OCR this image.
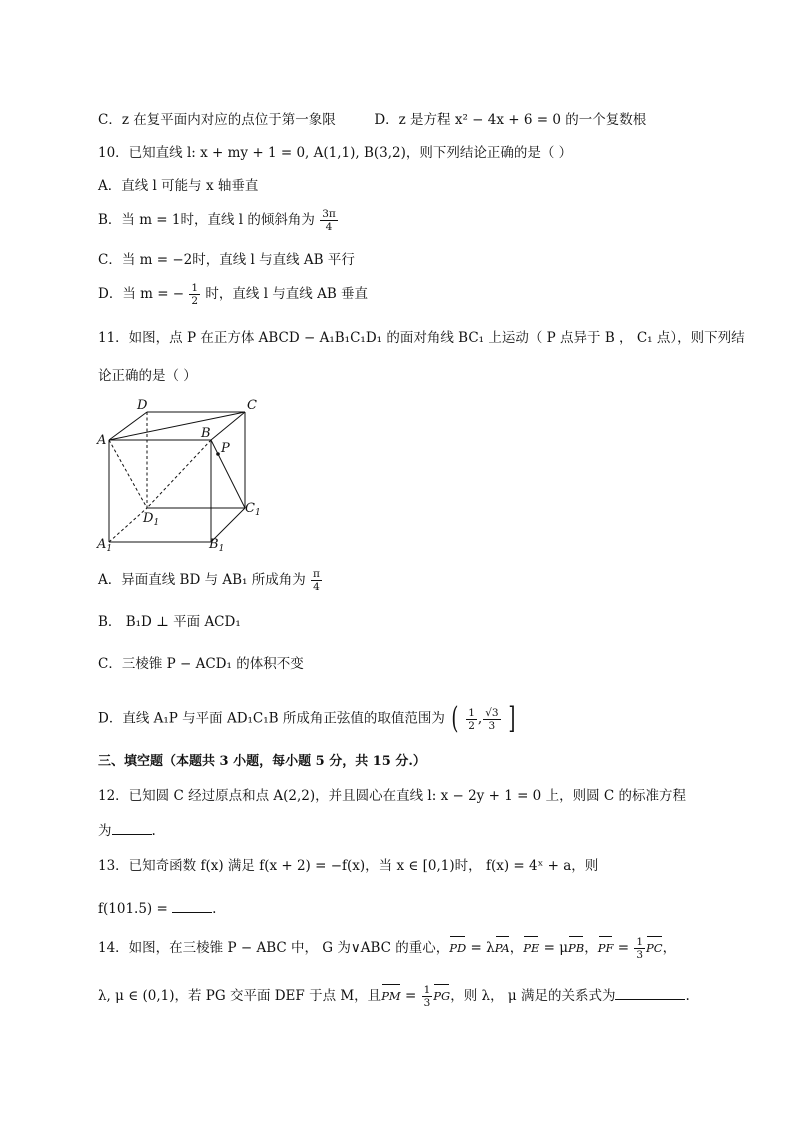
C．z 在复平面内对应的点位于第一象限	D．z 是方程 x² − 4x + 6 = 0 的一个复数根
10．已知直线 l: x + my + 1 = 0, A(1,1), B(3,2)，则下列结论正确的是（ ）
A．直线 l 可能与 x 轴垂直
B．当 m = 1时，直线 l 的倾斜角为 $\frac{3\pi}{4}$
C．当 m = −2时，直线 l 与直线 AB 平行
D．当 m = − $\frac{1}{2}$ 时，直线 l 与直线 AB 垂直
11．如图，点 P 在正方体 ABCD − A₁B₁C₁D₁ 的面对角线 BC₁ 上运动（ P 点异于 B ， C₁ 点），则下列结
论正确的是（ ）
D	C
A	B
P
$D_1$
$C_1$
$A_1$	$B_1$
A．异面直线 BD 与 AB₁ 所成角为 $\frac{\pi}{4}$
B． B₁D ⊥ 平面 ACD₁
C．三棱锥 P − ACD₁ 的体积不变
D．直线 A₁P 与平面 AD₁C₁B 所成角正弦值的取值范围为 ( $\frac{1}{2}$ , $\frac{√3}{3}$ ]
三、填空题（本题共 3 小题，每小题 5 分，共 15 分.）
12．已知圆 C 经过原点和点 A(2,2)，并且圆心在直线 l: x − 2y + 1 = 0 上，则圆 C 的标准方程
为	.
13．已知奇函数 f(x) 满足 f(x + 2) = −f(x)，当 x ∈ [0,1)时， f(x) = 4ˣ + a，则
f(101.5) =	.
14．如图，在三棱锥 P − ABC 中， G 为∨ABC 的重心，PD = λPA，PE = μPB，PF = $\frac{1}{3}$ PC，
λ, μ ∈ (0,1)，若 PG 交平面 DEF 于点 M，且PM = $\frac{1}{3}$ PG，则 λ， μ 满足的关系式为	.
